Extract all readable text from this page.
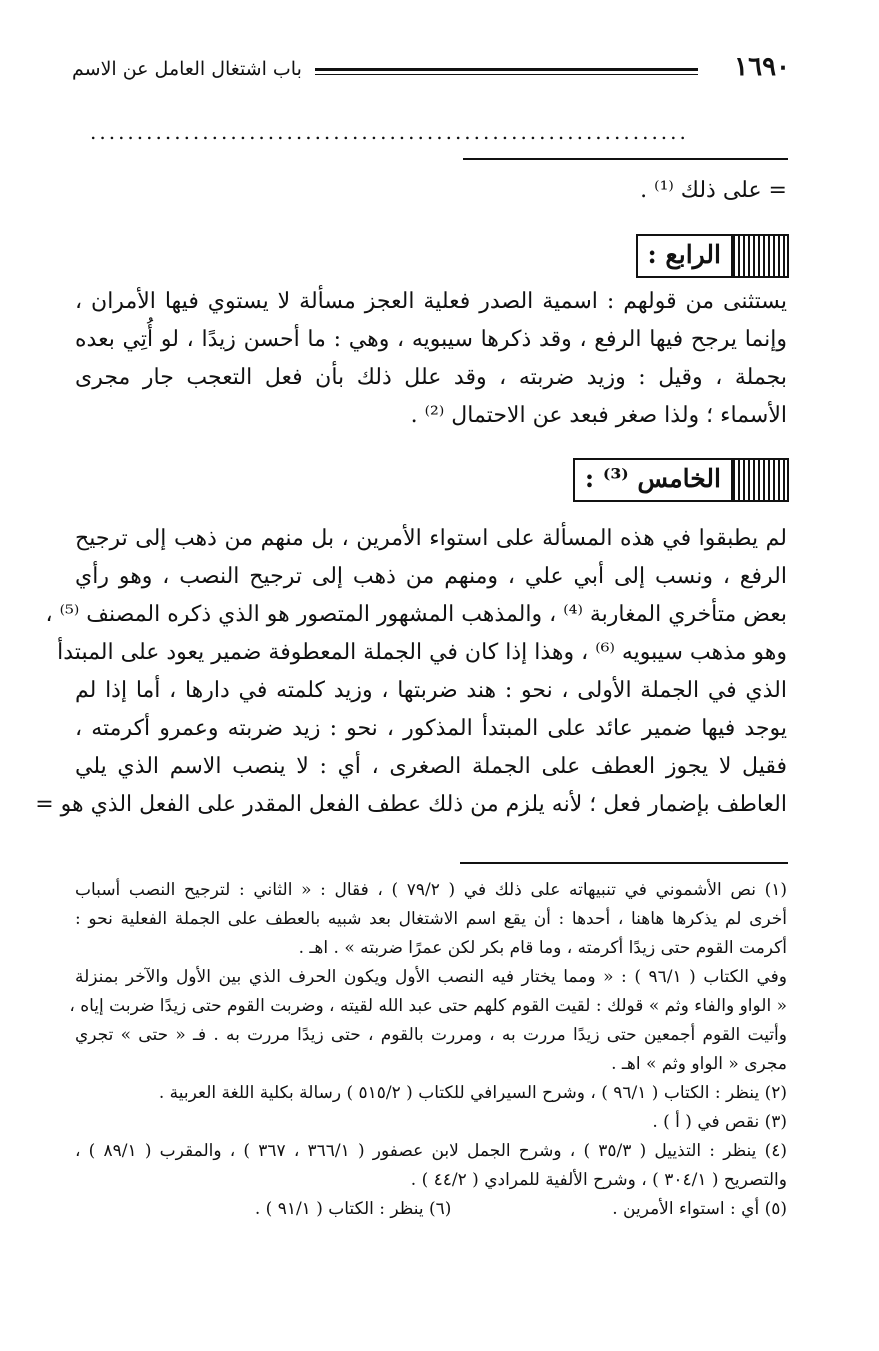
باب اشتغال العامل عن الاسم	١٦٩٠
................................................................
= على ذلك ⁽¹⁾ .
الرابع :
يستثنى من قولهم : اسمية الصدر فعلية العجز مسألة لا يستوي فيها الأمران ،
وإنما يرجح فيها الرفع ، وقد ذكرها سيبويه ، وهي : ما أحسن زيدًا ، لو أُتِي بعده
بجملة ، وقيل : وزيد ضربته ، وقد علل ذلك بأن فعل التعجب جار مجرى
الأسماء ؛ ولذا صغر فبعد عن الاحتمال ⁽²⁾ .
الخامس ⁽³⁾ :
لم يطبقوا في هذه المسألة على استواء الأمرين ، بل منهم من ذهب إلى ترجيح
الرفع ، ونسب إلى أبي علي ، ومنهم من ذهب إلى ترجيح النصب ، وهو رأي
بعض متأخري المغاربة ⁽⁴⁾ ، والمذهب المشهور المتصور هو الذي ذكره المصنف ⁽⁵⁾ ،
وهو مذهب سيبويه ⁽⁶⁾ ، وهذا إذا كان في الجملة المعطوفة ضمير يعود على المبتدأ
الذي في الجملة الأولى ، نحو : هند ضربتها ، وزيد كلمته في دارها ، أما إذا لم
يوجد فيها ضمير عائد على المبتدأ المذكور ، نحو : زيد ضربته وعمرو أكرمته ،
فقيل لا يجوز العطف على الجملة الصغرى ، أي : لا ينصب الاسم الذي يلي
العاطف بإضمار فعل ؛ لأنه يلزم من ذلك عطف الفعل المقدر على الفعل الذي هو =
(١) نص الأشموني في تنبيهاته على ذلك في ( ٧٩/٢ ) ، فقال : « الثاني : لترجيح النصب أسباب
أخرى لم يذكرها هاهنا ، أحدها : أن يقع اسم الاشتغال بعد شبيه بالعطف على الجملة الفعلية نحو :
أكرمت القوم حتى زيدًا أكرمته ، وما قام بكر لكن عمرًا ضربته » . اهـ .
وفي الكتاب ( ٩٦/١ ) : « ومما يختار فيه النصب الأول ويكون الحرف الذي بين الأول والآخر بمنزلة
« الواو والفاء وثم » قولك : لقيت القوم كلهم حتى عبد الله لقيته ، وضربت القوم حتى زيدًا ضربت إياه ،
وأتيت القوم أجمعين حتى زيدًا مررت به ، ومررت بالقوم ، حتى زيدًا مررت به . فـ « حتى » تجري
مجرى « الواو وثم » اهـ .
(٢) ينظر : الكتاب ( ٩٦/١ ) ، وشرح السيرافي للكتاب ( ٥١٥/٢ ) رسالة بكلية اللغة العربية .
(٣) نقص في ( أ ) .
(٤) ينظر : التذييل ( ٣٥/٣ ) ، وشرح الجمل لابن عصفور ( ٣٦٦/١ ، ٣٦٧ ) ، والمقرب ( ٨٩/١ ) ،
والتصريح ( ٣٠٤/١ ) ، وشرح الألفية للمرادي ( ٤٤/٢ ) .
(٥) أي : استواء الأمرين .  (٦) ينظر : الكتاب ( ٩١/١ ) .
